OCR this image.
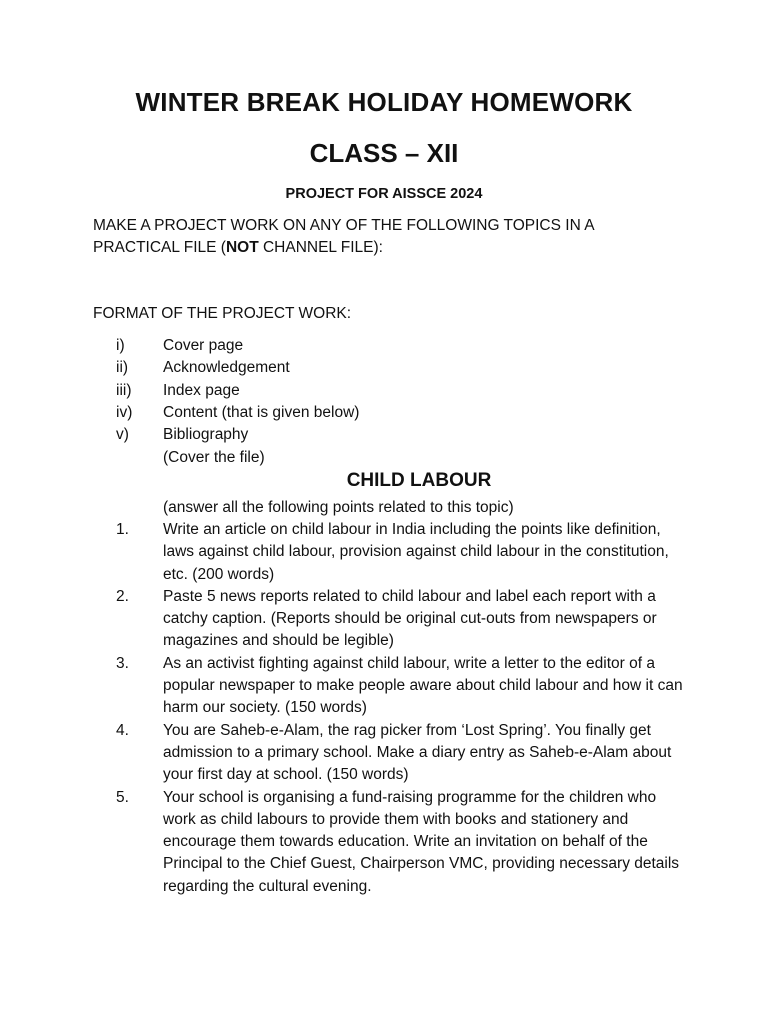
WINTER BREAK HOLIDAY HOMEWORK
CLASS – XII
PROJECT FOR AISSCE 2024

MAKE A PROJECT WORK ON ANY OF THE FOLLOWING TOPICS IN A PRACTICAL FILE (NOT CHANNEL FILE):

FORMAT OF THE PROJECT WORK:

i)	Cover page
ii)	Acknowledgement
iii)	Index page
iv)	Content (that is given below)
v)	Bibliography

(Cover the file)

CHILD LABOUR

(answer all the following points related to this topic)

1.	Write an article on child labour in India including the points like definition, laws against child labour, provision against child labour in the constitution, etc. (200 words)
2.	Paste 5 news reports related to child labour and label each report with a catchy caption. (Reports should be original cut-outs from newspapers or magazines and should be legible)
3.	As an activist fighting against child labour, write a letter to the editor of a popular newspaper to make people aware about child labour and how it can harm our society. (150 words)
4.	You are Saheb-e-Alam, the rag picker from ‘Lost Spring’. You finally get admission to a primary school. Make a diary entry as Saheb-e-Alam about your first day at school. (150 words)
5.	Your school is organising a fund-raising programme for the children who work as child labours to provide them with books and stationery and encourage them towards education. Write an invitation on behalf of the Principal to the Chief Guest, Chairperson VMC, providing necessary details regarding the cultural evening.
